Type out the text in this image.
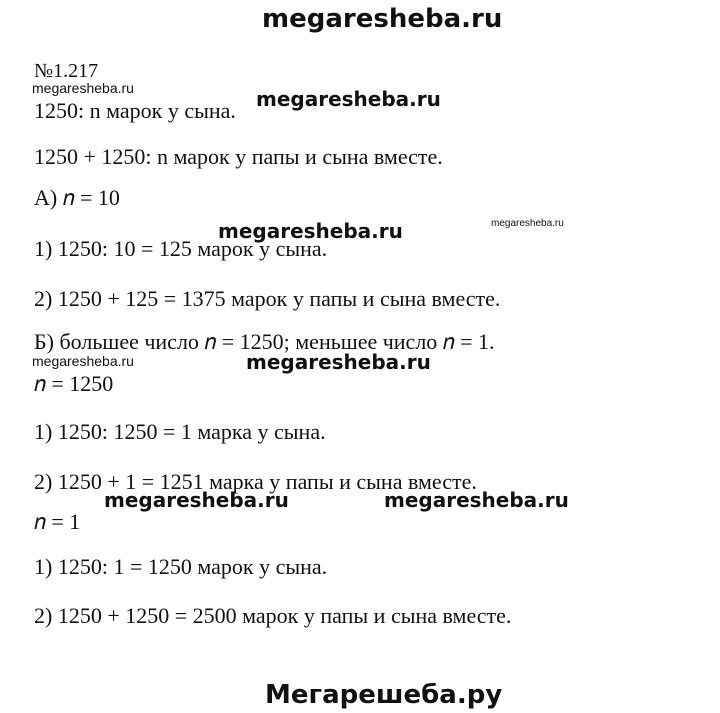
megaresheba.ru
№1.217
megaresheba.ru	megaresheba.ru
megaresheba.ru	megaresheba.ru
megaresheba.ru	megaresheba.ru
megaresheba.ru	megaresheba.ru
1250: n марок у сына.
1250 + 1250: n марок у папы и сына вместе.
А) 𝑛 = 10
1) 1250: 10 = 125 марок у сына.
2) 1250 + 125 = 1375 марок у папы и сына вместе.
Б) большее число 𝑛 = 1250; меньшее число 𝑛 = 1.
𝑛 = 1250
1) 1250: 1250 = 1 марка у сына.
2) 1250 + 1 = 1251 марка у папы и сына вместе.
𝑛 = 1
1) 1250: 1 = 1250 марок у сына.
2) 1250 + 1250 = 2500 марок у папы и сына вместе.
Мегарешеба.ру
